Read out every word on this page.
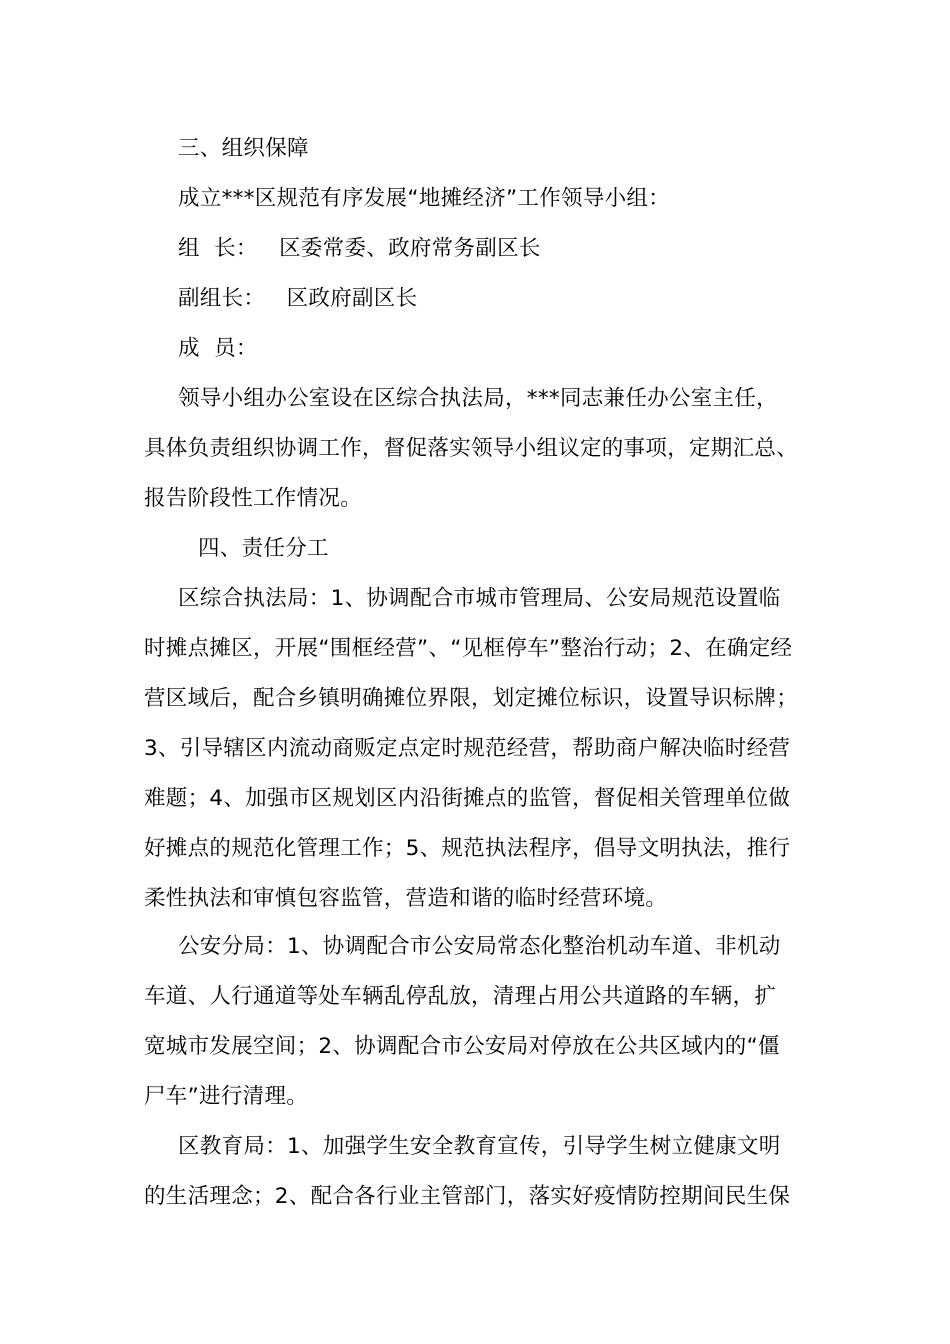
三、组织保障
成立***区规范有序发展“地摊经济”工作领导小组：
组  长：   区委常委、政府常务副区长
副组长：   区政府副区长
成  员：
领导小组办公室设在区综合执法局，***同志兼任办公室主任，
具体负责组织协调工作，督促落实领导小组议定的事项，定期汇总、
报告阶段性工作情况。
四、责任分工
区综合执法局：1、协调配合市城市管理局、公安局规范设置临
时摊点摊区，开展“围框经营”、“见框停车”整治行动；2、在确定经
营区域后，配合乡镇明确摊位界限，划定摊位标识，设置导识标牌；
3、引导辖区内流动商贩定点定时规范经营，帮助商户解决临时经营
难题；4、加强市区规划区内沿街摊点的监管，督促相关管理单位做
好摊点的规范化管理工作；5、规范执法程序，倡导文明执法，推行
柔性执法和审慎包容监管，营造和谐的临时经营环境。
公安分局：1、协调配合市公安局常态化整治机动车道、非机动
车道、人行通道等处车辆乱停乱放，清理占用公共道路的车辆，扩
宽城市发展空间；2、协调配合市公安局对停放在公共区域内的“僵
尸车”进行清理。
区教育局：1、加强学生安全教育宣传，引导学生树立健康文明
的生活理念；2、配合各行业主管部门，落实好疫情防控期间民生保
